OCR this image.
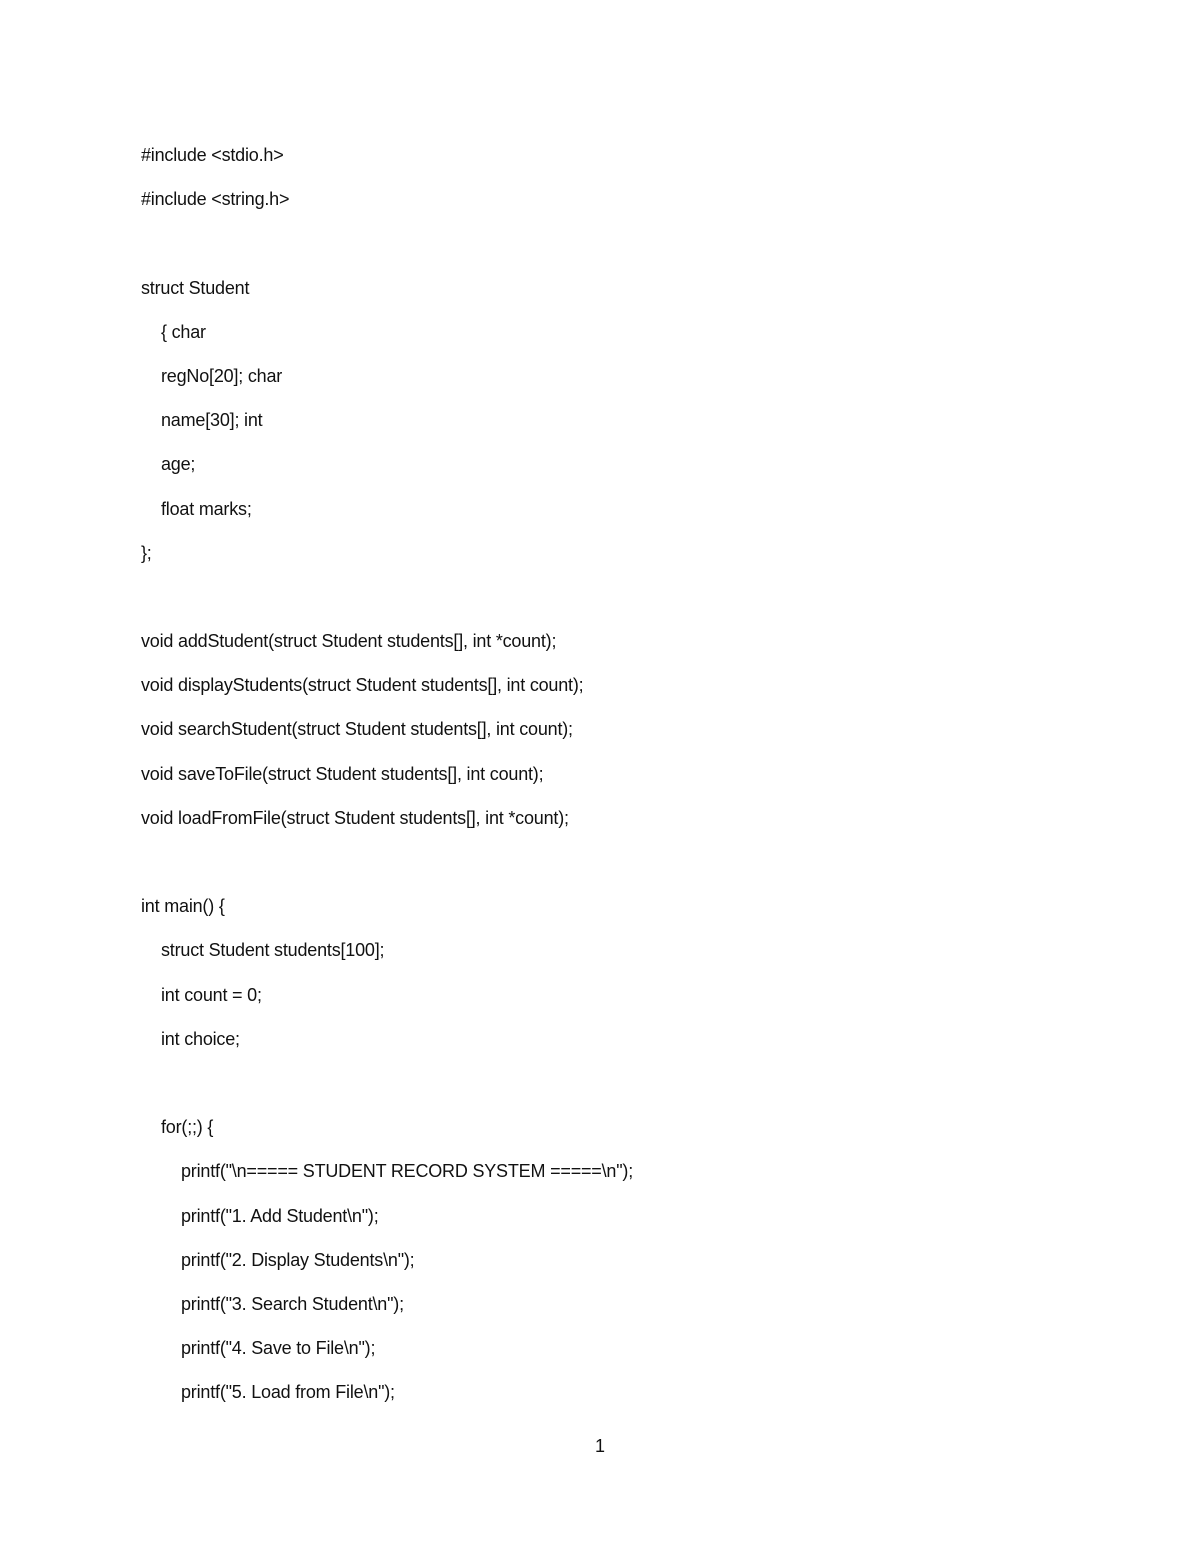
#include <stdio.h>
#include <string.h>
struct Student
{ char
regNo[20]; char
name[30]; int
age;
float marks;
};
void addStudent(struct Student students[], int *count);
void displayStudents(struct Student students[], int count);
void searchStudent(struct Student students[], int count);
void saveToFile(struct Student students[], int count);
void loadFromFile(struct Student students[], int *count);
int main() {
struct Student students[100];
int count = 0;
int choice;
for(;;) {
printf("\n===== STUDENT RECORD SYSTEM =====\n");
printf("1. Add Student\n");
printf("2. Display Students\n");
printf("3. Search Student\n");
printf("4. Save to File\n");
printf("5. Load from File\n");
1
